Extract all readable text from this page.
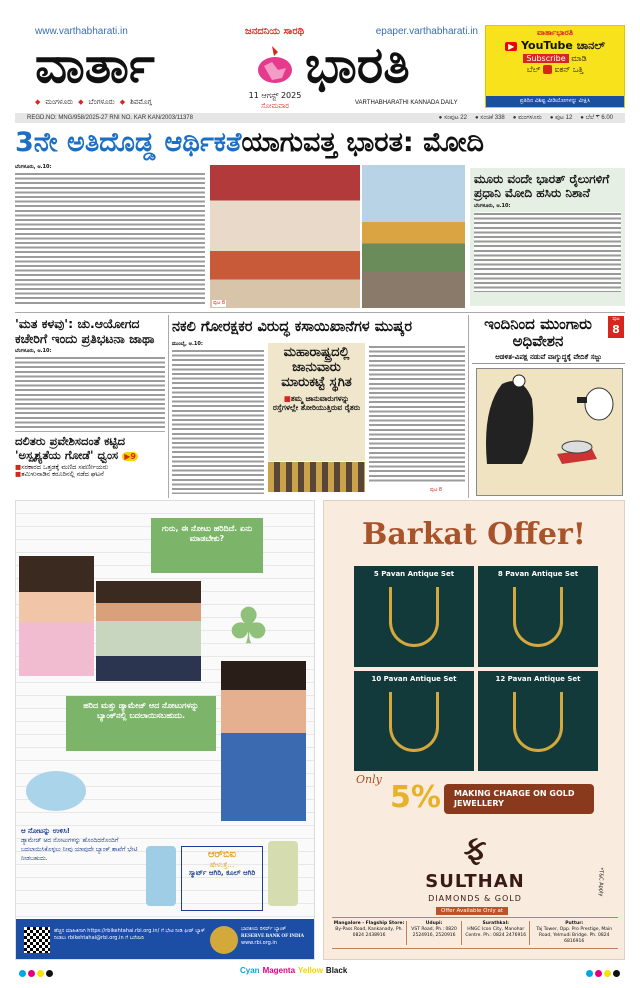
www.varthabharati.in	ಜನದನಿಯ ಸಾರಥಿ	epaper.varthabharati.in
ವಾರ್ತಾ	ಭಾರತಿ
◆ ಮಂಗಳೂರು ◆ ಬೆಂಗಳೂರು ◆ ಶಿವಮೊಗ್ಗ
11 ಆಗಸ್ಟ್ 2025
ಸೋಮವಾರ	VARTHABHARATHI KANNADA DAILY
ವಾರ್ತಾಭಾರತಿ
▶ YouTube ಚಾನಲ್
Subscribe ಮಾಡಿ
ಬೆಲ್ ಐಕನ್ ಒತ್ತಿ
ಪ್ರತಿದಿನ ವಿಶಿಷ್ಟ ವೀಡಿಯೋಗಳನ್ನು ವೀಕ್ಷಿಸಿ
REGD.NO: MNG/958/2025-27 RNI NO. KAR KAN/2003/11378	● ಸಂಪುಟ 22 ● ಸಂಚಿಕೆ 338 ● ಮಂಗಳೂರು ● ಪುಟ 12 ● ಬೆಲೆ ₹ 6.00
3ನೇ ಅತಿದೊಡ್ಡ ಆರ್ಥಿಕತೆಯಾಗುವತ್ತ ಭಾರತ: ಮೋದಿ
ಬೆಂಗಳೂರು, ಆ.10:
ಪುಟ 8
ಮೂರು ವಂದೇ ಭಾರತ್ ರೈಲುಗಳಿಗೆ ಪ್ರಧಾನಿ ಮೋದಿ ಹಸಿರು ನಿಶಾನೆ
ಬೆಂಗಳೂರು, ಆ.10:
'ಮತ ಕಳವು': ಚು.ಆಯೋಗದ ಕಚೇರಿಗೆ ಇಂದು ಪ್ರತಿಭಟನಾ ಜಾಥಾ
ಬೆಂಗಳೂರು, ಆ.10:
ದಲಿತರು ಪ್ರವೇಶಿಸದಂತೆ ಕಟ್ಟಿದ 'ಅಸ್ಪೃಶ್ಯತೆಯ ಗೋಡೆ' ಧ್ವಂಸ ▶9
■ಸರಕಾರದ ಒತ್ತಡಕ್ಕೆ ಮಣಿದ ಸವರ್ಣೀಯರು
■ತಮಿಳುನಾಡಿನ ಕರೂರಿನಲ್ಲಿ ನಡೆದ ಘಟನೆ
ನಕಲಿ ಗೋರಕ್ಷಕರ ವಿರುದ್ಧ ಕಸಾಯಿಖಾನೆಗಳ ಮುಷ್ಕರ
ಮುಂಬೈ, ಆ.10:
ಮಹಾರಾಷ್ಟ್ರದಲ್ಲಿ ಜಾನುವಾರು ಮಾರುಕಟ್ಟೆ ಸ್ಥಗಿತ
■ತಮ್ಮ ಜಾನುವಾರುಗಳನ್ನು ರಸ್ತೆಗಳಲ್ಲೇ ತೋರಿಯುತ್ತಿರುವ ರೈತರು
ಪುಟ 8
ಇಂದಿನಿಂದ ಮುಂಗಾರು ಅಧಿವೇಶನ
ಆಡಳಿತ-ವಿಪಕ್ಷ ನಡುವೆ ವಾಗ್ಯುದ್ಧಕ್ಕೆ ವೇದಿಕೆ ಸಜ್ಜು
ಪುಟ
8
ಗುರು, ಈ ನೋಟು ಹರಿದಿದೆ. ಏನು ಮಾಡಬೇಕು?
♣
ಹರಿದ ಮತ್ತು ಡ್ಯಾಮೇಜ್ ಆದ ನೋಟುಗಳನ್ನು ಬ್ಯಾಂಕ್‌ನಲ್ಲಿ ಬದಲಾಯಿಸಬಹುದು.
ಆ ನೋಟನ್ನು ಉಳಿಸಿ!
ಡ್ಯಾಮೇಜ್ ಆದ ನೋಟುಗಳನ್ನು ಹೊಂದಿದರೊಂದಿಗೆ ಬದಲಾಯಿಸಿಕೊಳ್ಳಲು ನೀವು ಯಾವುದೇ ಬ್ಯಾಂಕ್ ಶಾಖೆಗೆ ಭೇಟಿ ನೀಡಬಹುದು.	ಆರ್‌ಬಿಐ
ಹೇಳುತ್ತೆ...
ಸ್ಮಾರ್ಟ್ ಆಗಿರಿ, ಕೂಲ್ ಆಗಿರಿ
ಹೆಚ್ಚಿನ ಮಾಹಿತಿಗಾಗಿ https://rbikehtahai.rbi.org.in/ ಗೆ ಭೇಟಿ ನೀಡಿ ಫೀಡ್ ಬ್ಯಾಕ್ ನೀಡಲು rbikehtahai@rbi.org.in ಗೆ ಬರೆಯಿರಿ
ಭಾರತೀಯ ರಿಸರ್ವ್ ಬ್ಯಾಂಕ್
RESERVE BANK OF INDIA
www.rbi.org.in
Barkat Offer!
5 Pavan Antique Set	8 Pavan Antique Set
10 Pavan Antique Set	12 Pavan Antique Set
Only
5%	MAKING CHARGE ON GOLD JEWELLERY
ફ
SULTHAN
DIAMONDS & GOLD
*T&C Apply
Offer Available Only at
Mangalore - Flagship Store:
By-Pass Road, Kankanady, Ph. 0824 2438916
Udupi:
VST Road, Ph.: 0820 2524916, 2520916
Surathkal:
HNGC Icon City, Manohar Centre. Ph.: 0824 2476916
Puttur:
Taj Tower, Opp. Pro Prestige, Main Road, Yelmudi Bridge. Ph. 0824 6816916
Cyan Magenta Yellow Black
